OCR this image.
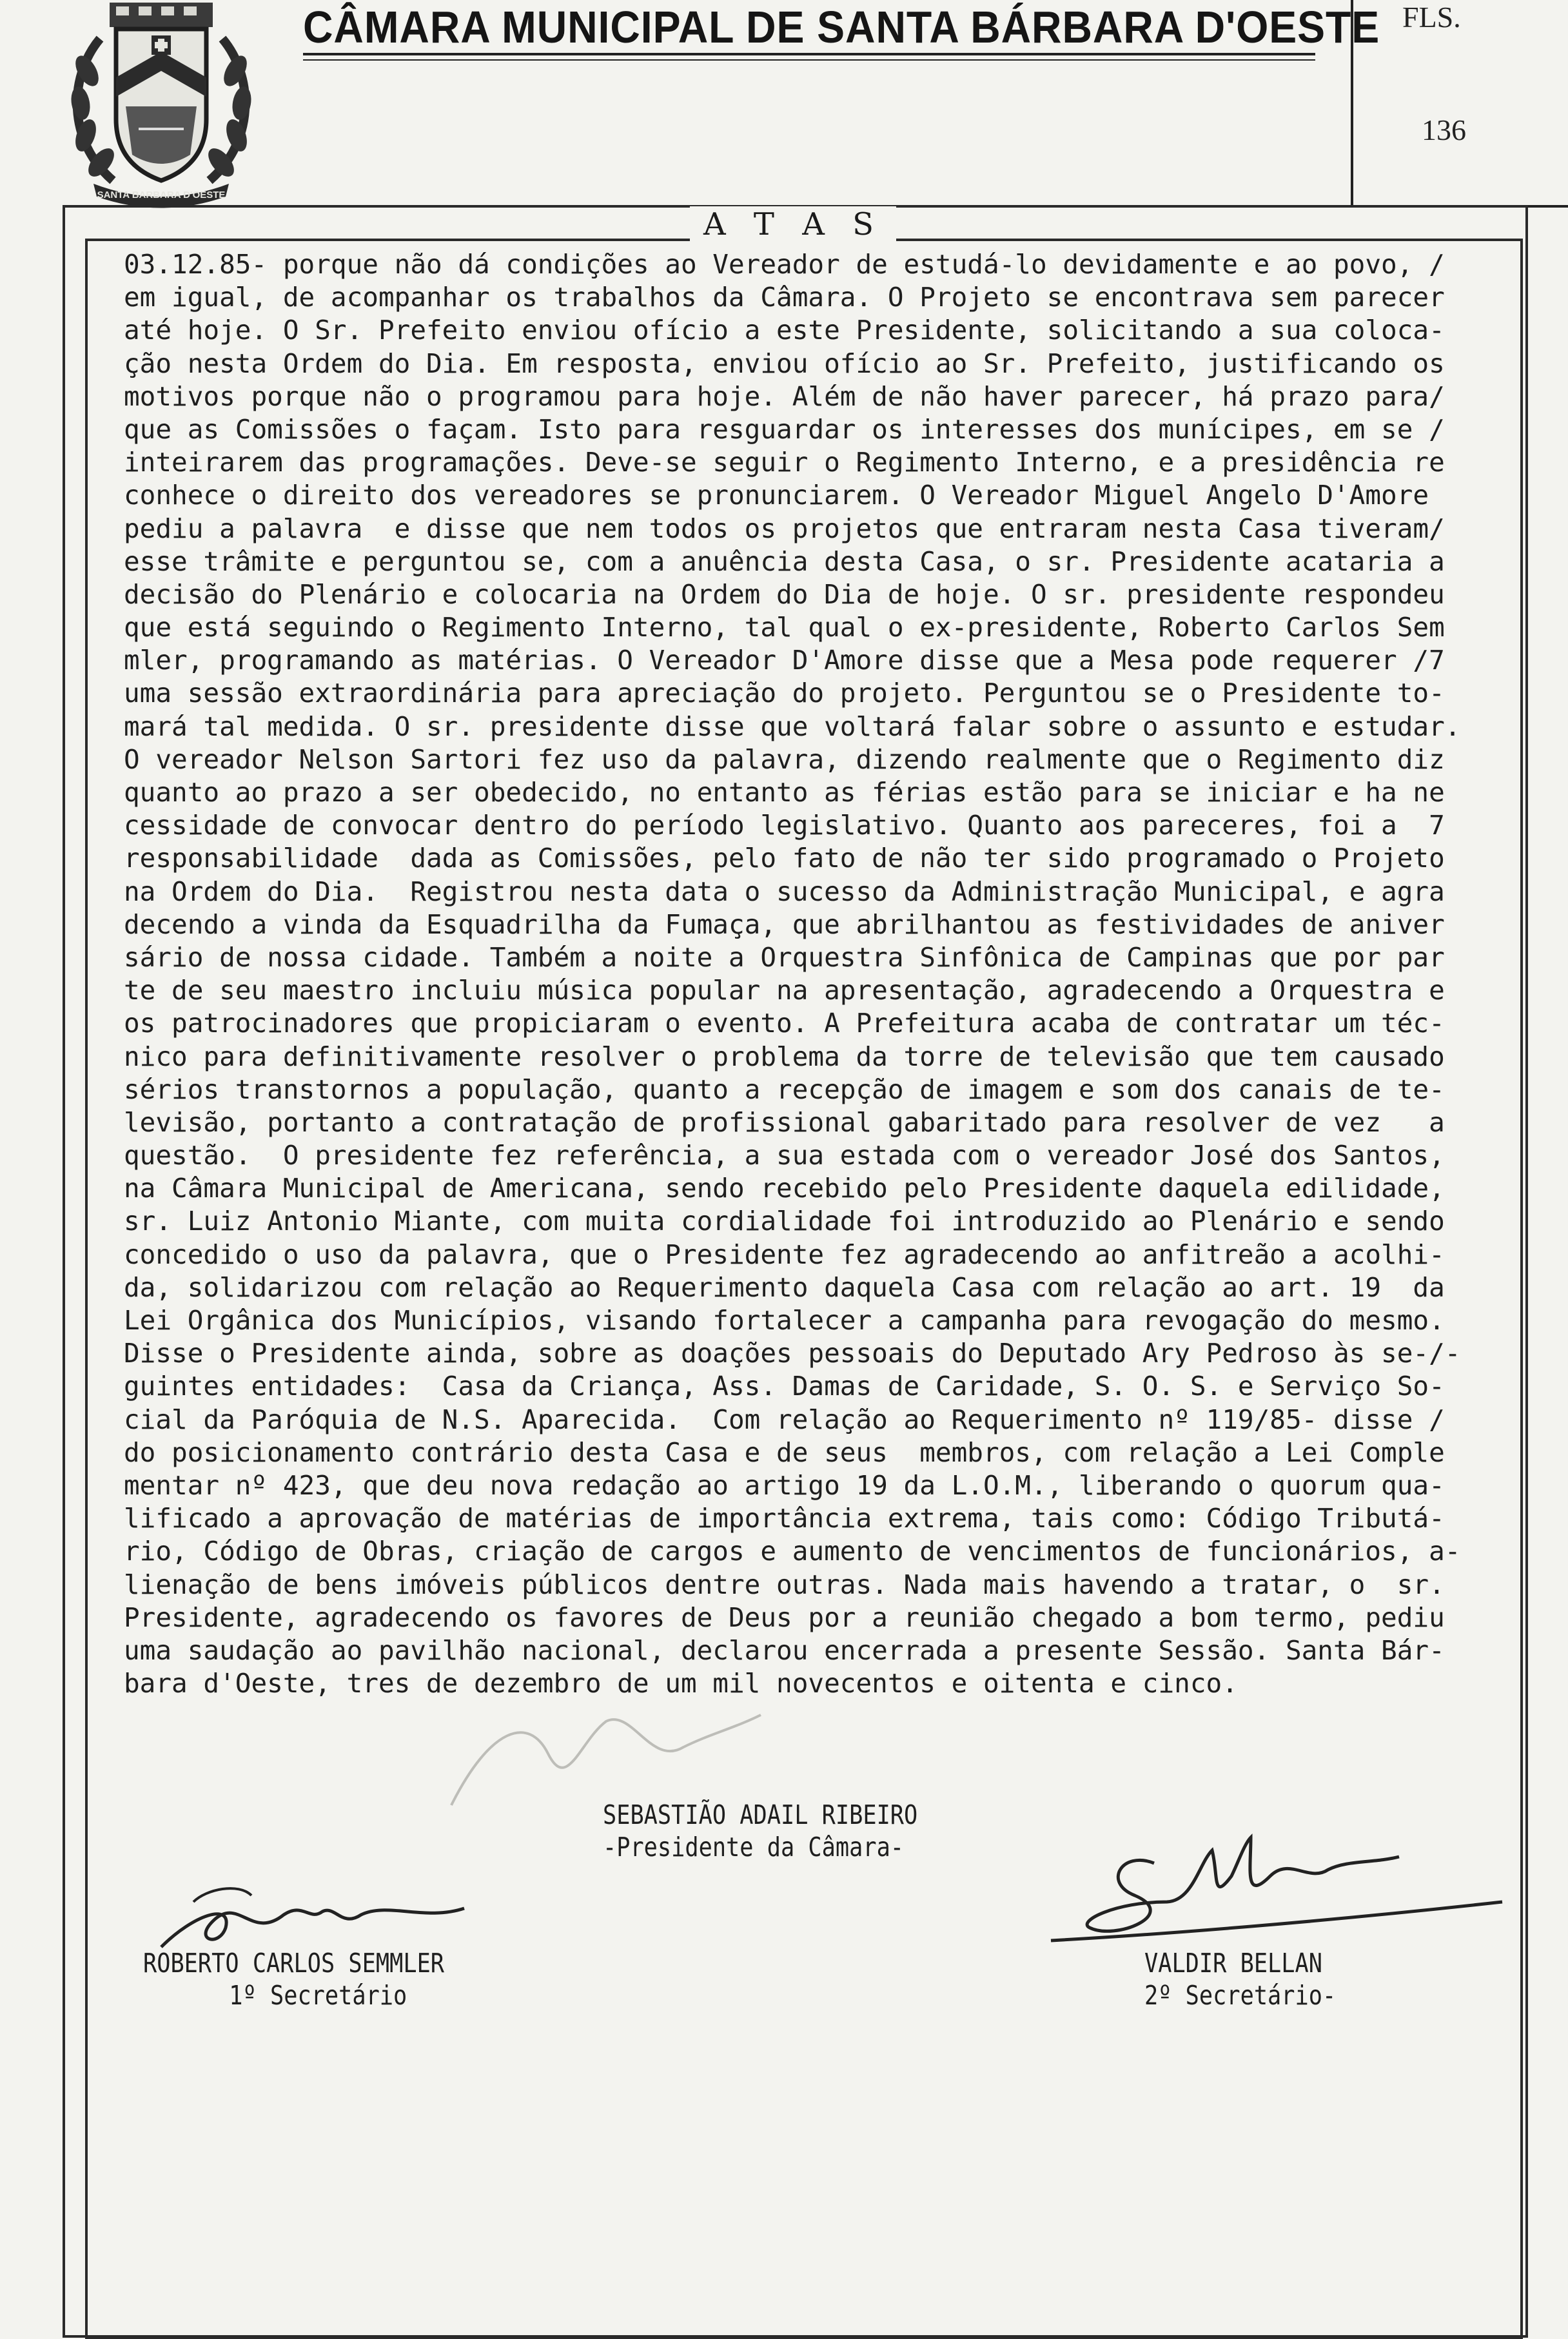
SANTA BARBARA D'OESTE
CÂMARA MUNICIPAL DE SANTA BÁRBARA D'OESTE FLS.
136
A T A S
03.12.85- porque não dá condições ao Vereador de estudá-lo devidamente e ao povo, /
em igual, de acompanhar os trabalhos da Câmara. O Projeto se encontrava sem parecer
até hoje. O Sr. Prefeito enviou ofício a este Presidente, solicitando a sua coloca-
ção nesta Ordem do Dia. Em resposta, enviou ofício ao Sr. Prefeito, justificando os
motivos porque não o programou para hoje. Além de não haver parecer, há prazo para/
que as Comissões o façam. Isto para resguardar os interesses dos munícipes, em se /
inteirarem das programações. Deve-se seguir o Regimento Interno, e a presidência re
conhece o direito dos vereadores se pronunciarem. O Vereador Miguel Angelo D'Amore
pediu a palavra  e disse que nem todos os projetos que entraram nesta Casa tiveram/
esse trâmite e perguntou se, com a anuência desta Casa, o sr. Presidente acataria a
decisão do Plenário e colocaria na Ordem do Dia de hoje. O sr. presidente respondeu
que está seguindo o Regimento Interno, tal qual o ex-presidente, Roberto Carlos Sem
mler, programando as matérias. O Vereador D'Amore disse que a Mesa pode requerer /7
uma sessão extraordinária para apreciação do projeto. Perguntou se o Presidente to-
mará tal medida. O sr. presidente disse que voltará falar sobre o assunto e estudar.
O vereador Nelson Sartori fez uso da palavra, dizendo realmente que o Regimento diz
quanto ao prazo a ser obedecido, no entanto as férias estão para se iniciar e ha ne
cessidade de convocar dentro do período legislativo. Quanto aos pareceres, foi a  7
responsabilidade  dada as Comissões, pelo fato de não ter sido programado o Projeto
na Ordem do Dia.  Registrou nesta data o sucesso da Administração Municipal, e agra
decendo a vinda da Esquadrilha da Fumaça, que abrilhantou as festividades de aniver
sário de nossa cidade. Também a noite a Orquestra Sinfônica de Campinas que por par
te de seu maestro incluiu música popular na apresentação, agradecendo a Orquestra e
os patrocinadores que propiciaram o evento. A Prefeitura acaba de contratar um téc-
nico para definitivamente resolver o problema da torre de televisão que tem causado
sérios transtornos a população, quanto a recepção de imagem e som dos canais de te-
levisão, portanto a contratação de profissional gabaritado para resolver de vez   a
questão.  O presidente fez referência, a sua estada com o vereador José dos Santos,
na Câmara Municipal de Americana, sendo recebido pelo Presidente daquela edilidade,
sr. Luiz Antonio Miante, com muita cordialidade foi introduzido ao Plenário e sendo
concedido o uso da palavra, que o Presidente fez agradecendo ao anfitreão a acolhi-
da, solidarizou com relação ao Requerimento daquela Casa com relação ao art. 19  da
Lei Orgânica dos Municípios, visando fortalecer a campanha para revogação do mesmo.
Disse o Presidente ainda, sobre as doações pessoais do Deputado Ary Pedroso às se-/-
guintes entidades:  Casa da Criança, Ass. Damas de Caridade, S. O. S. e Serviço So-
cial da Paróquia de N.S. Aparecida.  Com relação ao Requerimento nº 119/85- disse /
do posicionamento contrário desta Casa e de seus  membros, com relação a Lei Comple
mentar nº 423, que deu nova redação ao artigo 19 da L.O.M., liberando o quorum qua-
lificado a aprovação de matérias de importância extrema, tais como: Código Tributá-
rio, Código de Obras, criação de cargos e aumento de vencimentos de funcionários, a-
lienação de bens imóveis públicos dentre outras. Nada mais havendo a tratar, o  sr.
Presidente, agradecendo os favores de Deus por a reunião chegado a bom termo, pediu
uma saudação ao pavilhão nacional, declarou encerrada a presente Sessão. Santa Bár-
bara d'Oeste, tres de dezembro de um mil novecentos e oitenta e cinco.
SEBASTIÃO ADAIL RIBEIRO
-Presidente da Câmara-
ROBERTO CARLOS SEMMLER
1º Secretário
VALDIR BELLAN
2º Secretário-
